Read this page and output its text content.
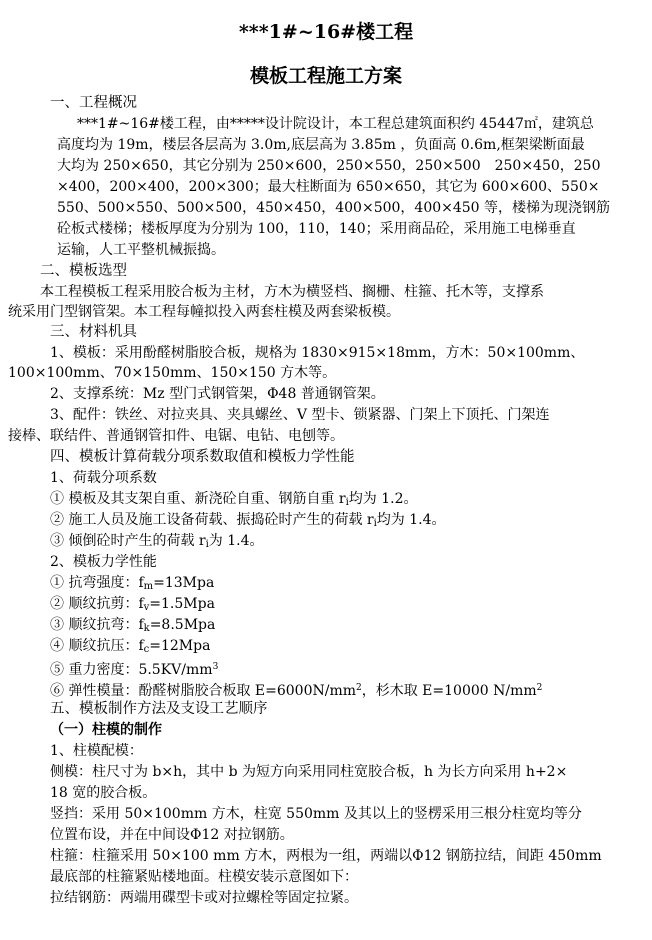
***1#~16#楼工程
模板工程施工方案
一、工程概况
***1#~16#楼工程，由*****设计院设计，本工程总建筑面积约 45447㎡，建筑总
高度均为 19m，楼层各层高为 3.0m,底层高为 3.85m ，负面高 0.6m,框架梁断面最
大均为 250×650，其它分别为 250×600，250×550，250×500　250×450，250
×400，200×400，200×300；最大柱断面为 650×650，其它为 600×600、550×
550、500×550、500×500，450×450，400×500，400×450 等，楼梯为现浇钢筋
砼板式楼梯；楼板厚度为分别为 100，110，140；采用商品砼，采用施工电梯垂直
运输，人工平整机械振捣。
二、模板选型
本工程模板工程采用胶合板为主材，方木为横竖档、搁栅、柱箍、托木等，支撑系
统采用门型钢管架。本工程每幢拟投入两套柱模及两套梁板模。
三、材料机具
1、模板：采用酚醛树脂胶合板，规格为 1830×915×18mm，方木：50×100mm、
100×100mm、70×150mm、150×150 方木等。
2、支撑系统：Mz 型门式钢管架，Φ48 普通钢管架。
3、配件：铁丝、对拉夹具、夹具螺丝、V 型卡、锁紧器、门架上下顶托、门架连
接棒、联结件、普通钢管扣件、电锯、电钻、电刨等。
四、模板计算荷载分项系数取值和模板力学性能
1、荷载分项系数
① 模板及其支架自重、新浇砼自重、钢筋自重 $r_i$均为 1.2。
② 施工人员及施工设备荷载、振捣砼时产生的荷载 $r_i$均为 1.4。
③ 倾倒砼时产生的荷载 $r_i$为 1.4。
2、模板力学性能
① 抗弯强度：$f_m=13Mpa$
② 顺纹抗剪：$f_v=1.5Mpa$
③ 顺纹抗弯：$f_k=8.5Mpa$
④ 顺纹抗压：$f_c=12Mpa$
⑤ 重力密度：$5.5KV/mm^3$
⑥ 弹性模量：酚醛树脂胶合板取 $E=6000N/mm^2$，杉木取 E=10000 $N/mm^2$
五、模板制作方法及支设工艺顺序
（一）柱模的制作
1、柱模配模：
侧模：柱尺寸为 b×h，其中 b 为短方向采用同柱宽胶合板，h 为长方向采用 h+2×
18 宽的胶合板。
竖挡：采用 50×100mm 方木，柱宽 550mm 及其以上的竖楞采用三根分柱宽均等分
位置布设，并在中间设Φ12 对拉钢筋。
柱箍：柱箍采用 50×100 mm 方木，两根为一组，两端以Φ12 钢筋拉结，间距 450mm
最底部的柱箍紧贴楼地面。柱模安装示意图如下：
拉结钢筋：两端用碟型卡或对拉螺栓等固定拉紧。
